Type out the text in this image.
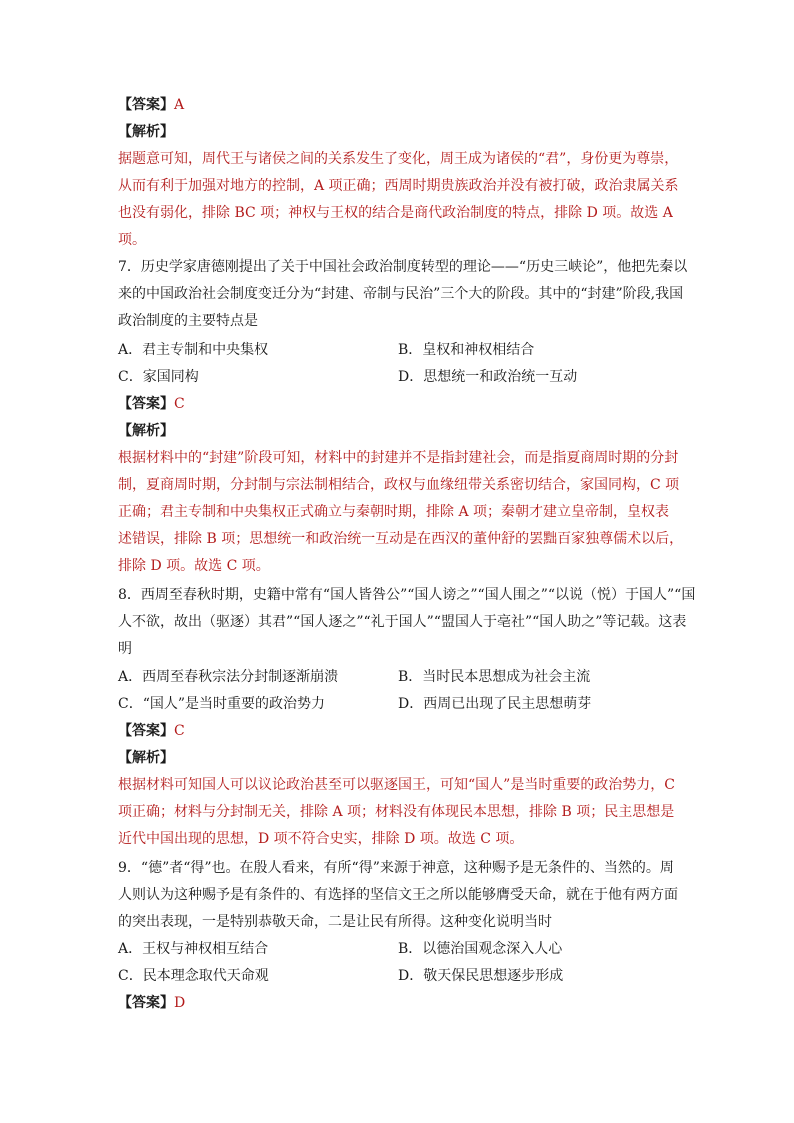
【答案】A
【解析】
据题意可知，周代王与诸侯之间的关系发生了变化，周王成为诸侯的“君”，身份更为尊崇，
从而有利于加强对地方的控制，A 项正确；西周时期贵族政治并没有被打破，政治隶属关系
也没有弱化，排除 BC 项；神权与王权的结合是商代政治制度的特点，排除 D 项。故选 A
项。
7．历史学家唐德刚提出了关于中国社会政治制度转型的理论——“历史三峡论”，他把先秦以
来的中国政治社会制度变迁分为“封建、帝制与民治”三个大的阶段。其中的“封建”阶段,我国
政治制度的主要特点是
A．君主专制和中央集权	B．皇权和神权相结合
C．家国同构	D．思想统一和政治统一互动
【答案】C
【解析】
根据材料中的“封建”阶段可知，材料中的封建并不是指封建社会，而是指夏商周时期的分封
制，夏商周时期，分封制与宗法制相结合，政权与血缘纽带关系密切结合，家国同构，C 项
正确；君主专制和中央集权正式确立与秦朝时期，排除 A 项；秦朝才建立皇帝制，皇权表
述错误，排除 B 项；思想统一和政治统一互动是在西汉的董仲舒的罢黜百家独尊儒术以后，
排除 D 项。故选 C 项。
8．西周至春秋时期，史籍中常有“国人皆咎公”“国人谤之”“国人围之”“以说（悦）于国人”“国
人不欲，故出（驱逐）其君”“国人逐之”“礼于国人”“盟国人于亳社”“国人助之”等记载。这表
明
A．西周至春秋宗法分封制逐渐崩溃	B．当时民本思想成为社会主流
C．“国人”是当时重要的政治势力	D．西周已出现了民主思想萌芽
【答案】C
【解析】
根据材料可知国人可以议论政治甚至可以驱逐国王，可知“国人”是当时重要的政治势力，C
项正确；材料与分封制无关，排除 A 项；材料没有体现民本思想，排除 B 项；民主思想是
近代中国出现的思想，D 项不符合史实，排除 D 项。故选 C 项。
9．“德”者“得”也。在殷人看来，有所“得”来源于神意，这种赐予是无条件的、当然的。周
人则认为这种赐予是有条件的、有选择的坚信文王之所以能够膺受天命，就在于他有两方面
的突出表现，一是特别恭敬天命，二是让民有所得。这种变化说明当时
A．王权与神权相互结合	B．以德治国观念深入人心
C．民本理念取代天命观	D．敬天保民思想逐步形成
【答案】D
